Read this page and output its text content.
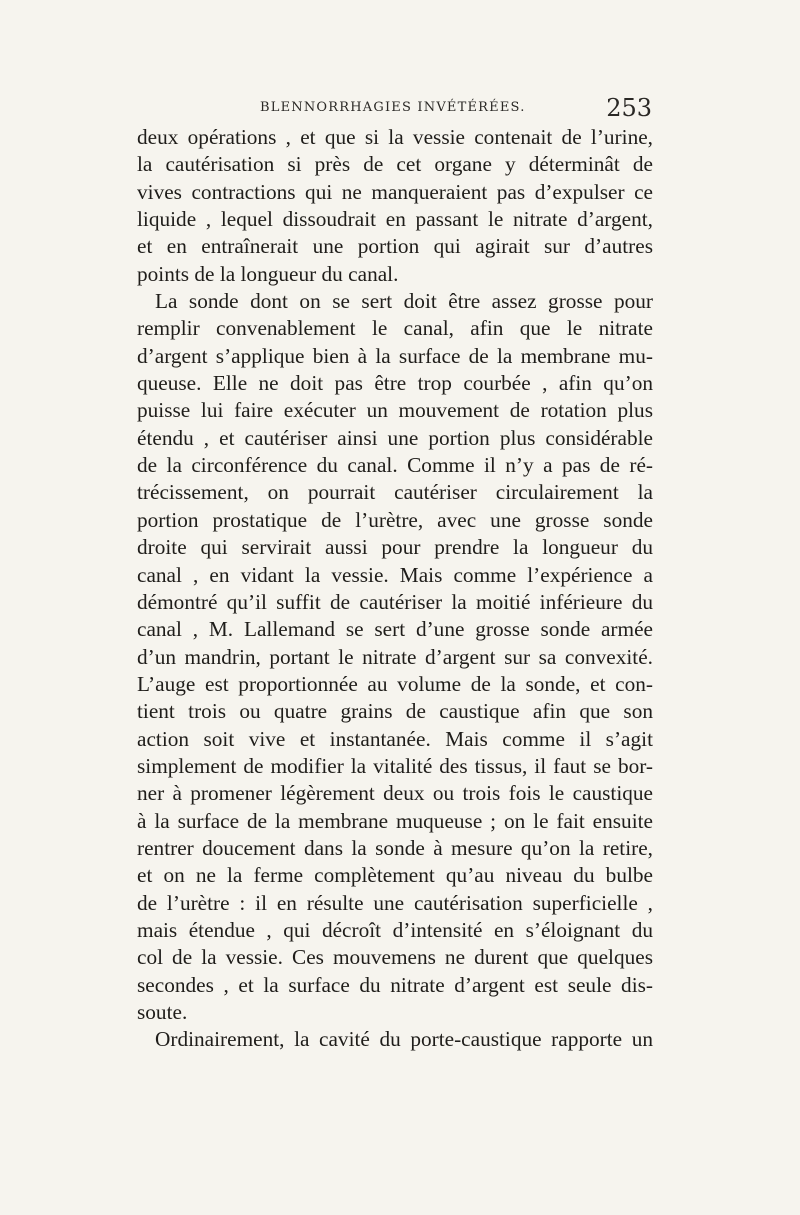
BLENNORRHAGIES INVÉTÉRÉES.	253
deux opérations , et que si la vessie contenait de l’urine,
la cautérisation si près de cet organe y déterminât de
vives contractions qui ne manqueraient pas d’expulser ce
liquide , lequel dissoudrait en passant le nitrate d’argent,
et en entraînerait une portion qui agirait sur d’autres
points de la longueur du canal.
La sonde dont on se sert doit être assez grosse pour
remplir convenablement le canal, afin que le nitrate
d’argent s’applique bien à la surface de la membrane mu-
queuse. Elle ne doit pas être trop courbée , afin qu’on
puisse lui faire exécuter un mouvement de rotation plus
étendu , et cautériser ainsi une portion plus considérable
de la circonférence du canal. Comme il n’y a pas de ré-
trécissement, on pourrait cautériser circulairement la
portion prostatique de l’urètre, avec une grosse sonde
droite qui servirait aussi pour prendre la longueur du
canal , en vidant la vessie. Mais comme l’expérience a
démontré qu’il suffit de cautériser la moitié inférieure du
canal , M. Lallemand se sert d’une grosse sonde armée
d’un mandrin, portant le nitrate d’argent sur sa convexité.
L’auge est proportionnée au volume de la sonde, et con-
tient trois ou quatre grains de caustique afin que son
action soit vive et instantanée. Mais comme il s’agit
simplement de modifier la vitalité des tissus, il faut se bor-
ner à promener légèrement deux ou trois fois le caustique
à la surface de la membrane muqueuse ; on le fait ensuite
rentrer doucement dans la sonde à mesure qu’on la retire,
et on ne la ferme complètement qu’au niveau du bulbe
de l’urètre : il en résulte une cautérisation superficielle ,
mais étendue , qui décroît d’intensité en s’éloignant du
col de la vessie. Ces mouvemens ne durent que quelques
secondes , et la surface du nitrate d’argent est seule dis-
soute.
Ordinairement, la cavité du porte-caustique rapporte un
